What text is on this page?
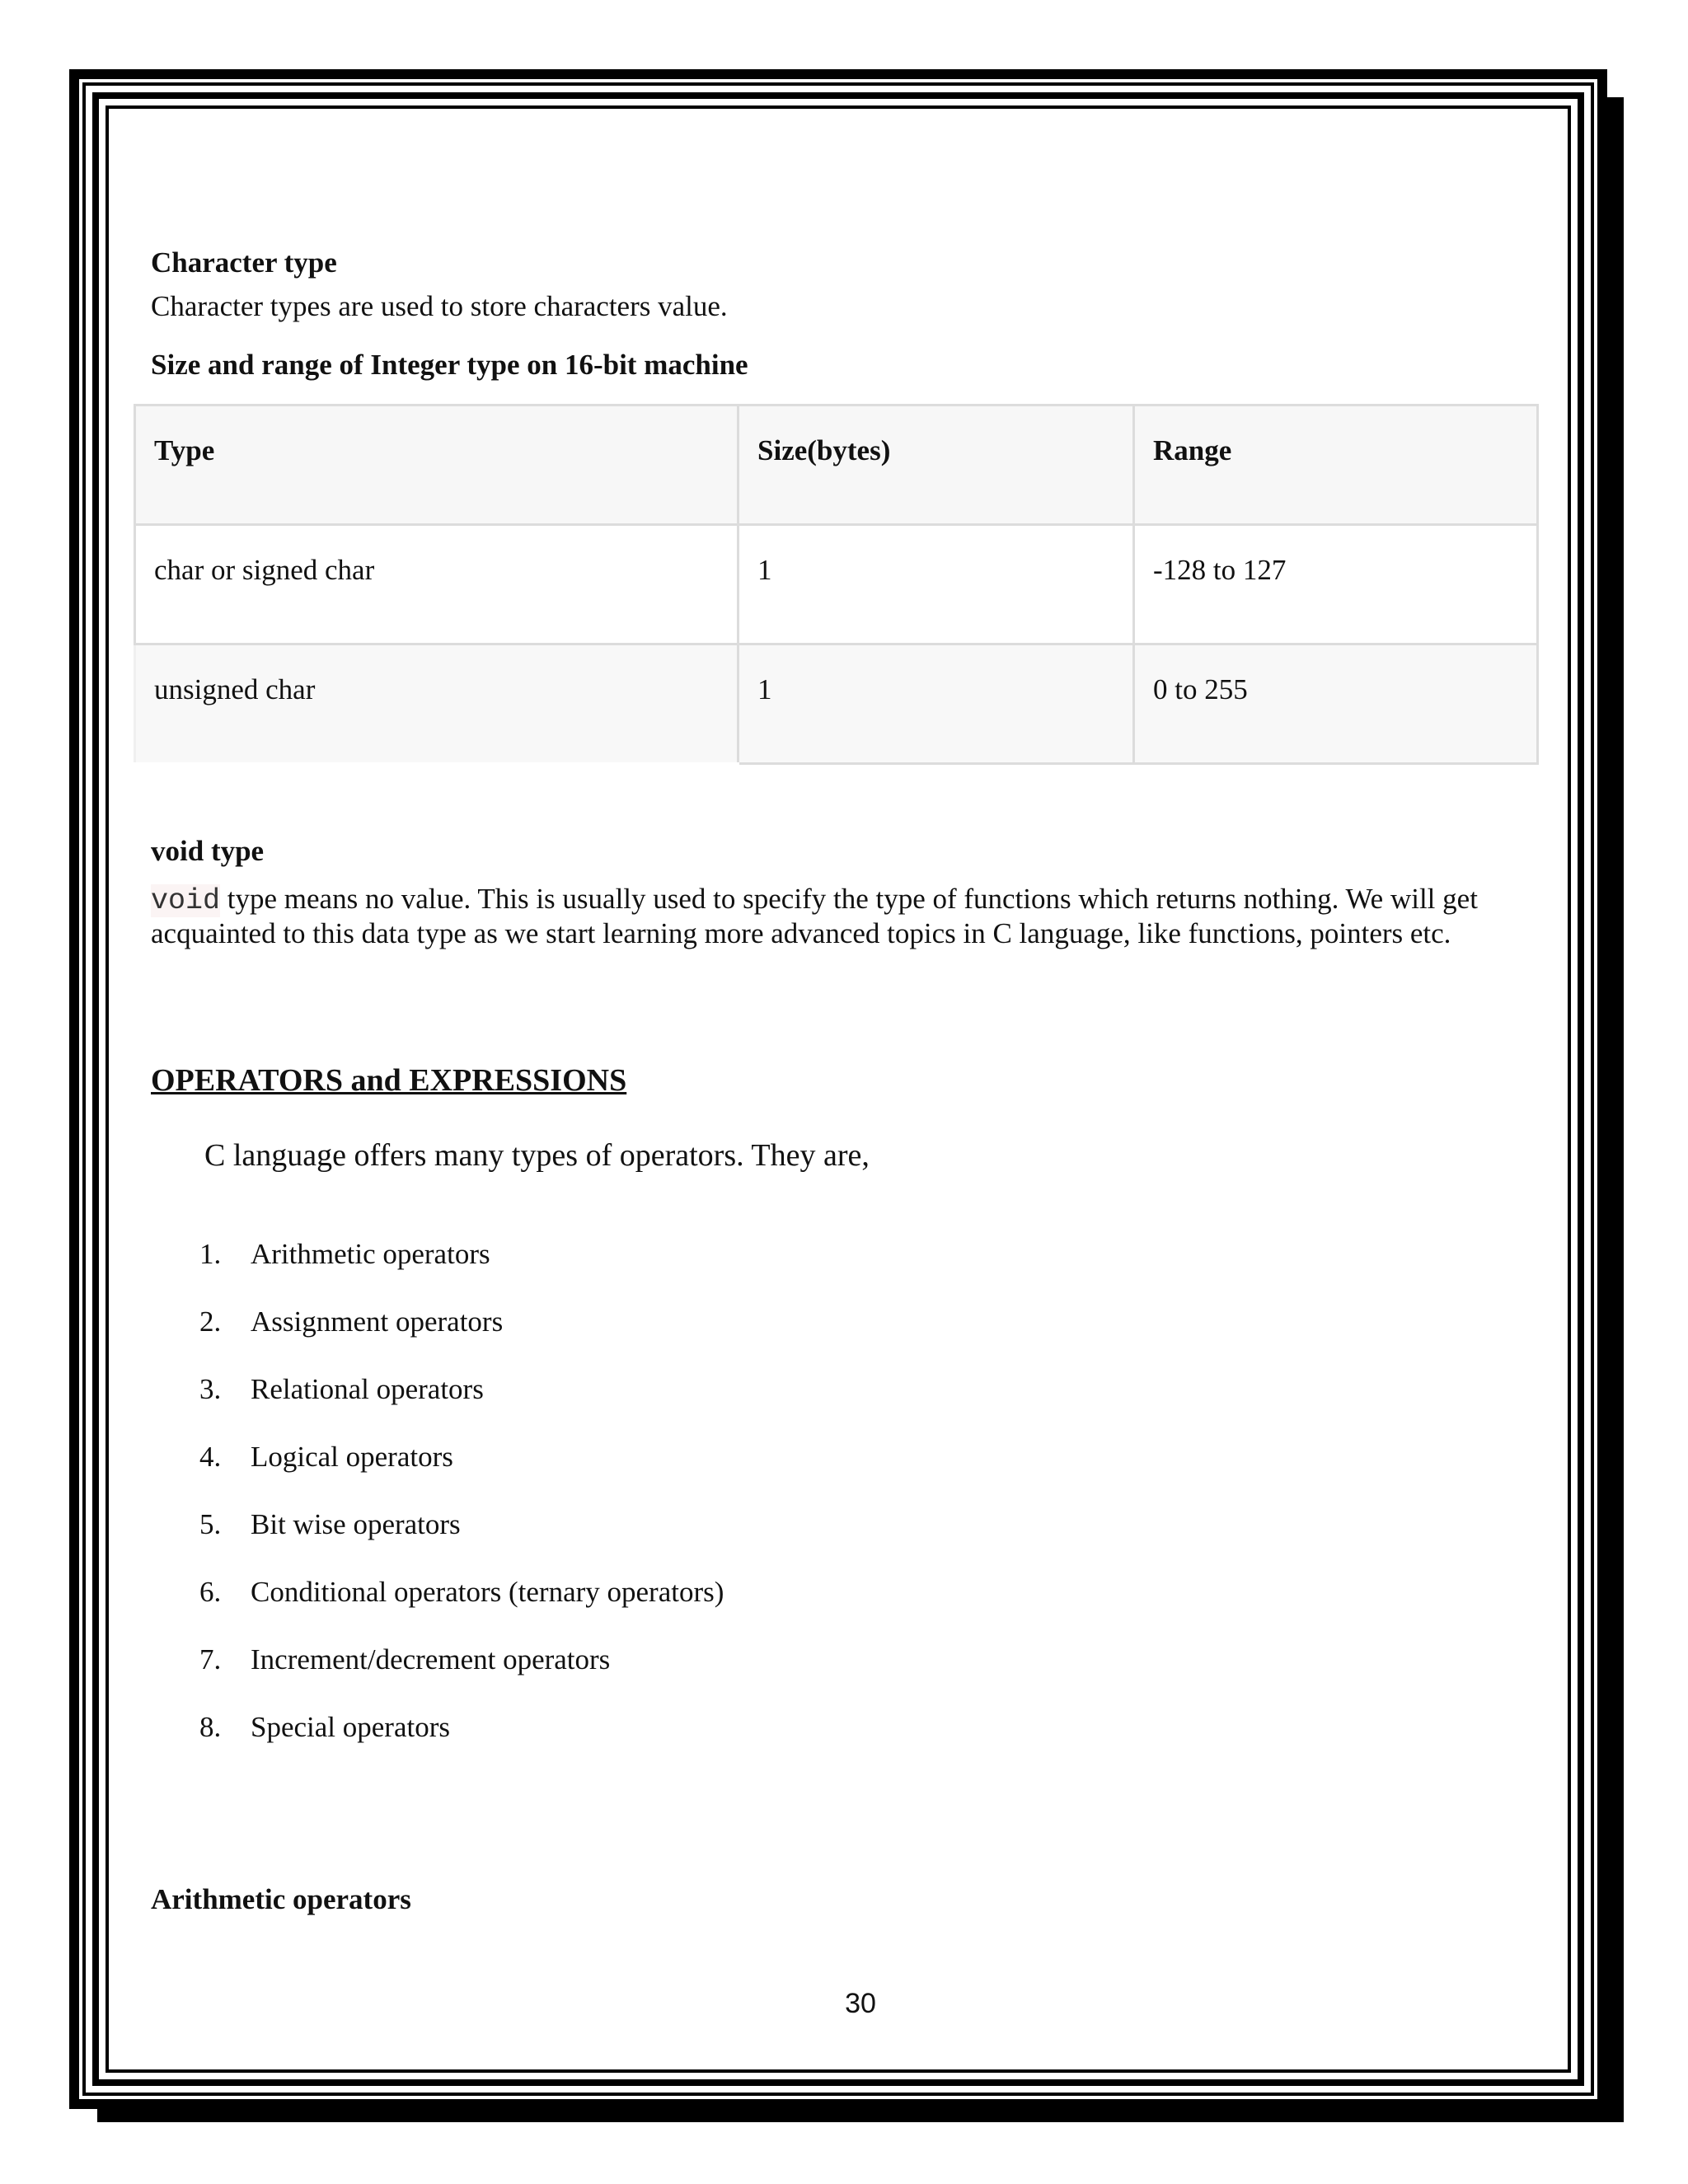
Character type
Character types are used to store characters value.
Size and range of Integer type on 16-bit machine
Type	Size(bytes)	Range
char or signed char	1	-128 to 127
unsigned char	1	0 to 255
void type
void type means no value. This is usually used to specify the type of functions which returns nothing. We will get acquainted to this data type as we start learning more advanced topics in C language, like functions, pointers etc.
OPERATORS and EXPRESSIONS
C language offers many types of operators. They are,
1.	Arithmetic operators
2.	Assignment operators
3.	Relational operators
4.	Logical operators
5.	Bit wise operators
6.	Conditional operators (ternary operators)
7.	Increment/decrement operators
8.	Special operators
Arithmetic operators
30
